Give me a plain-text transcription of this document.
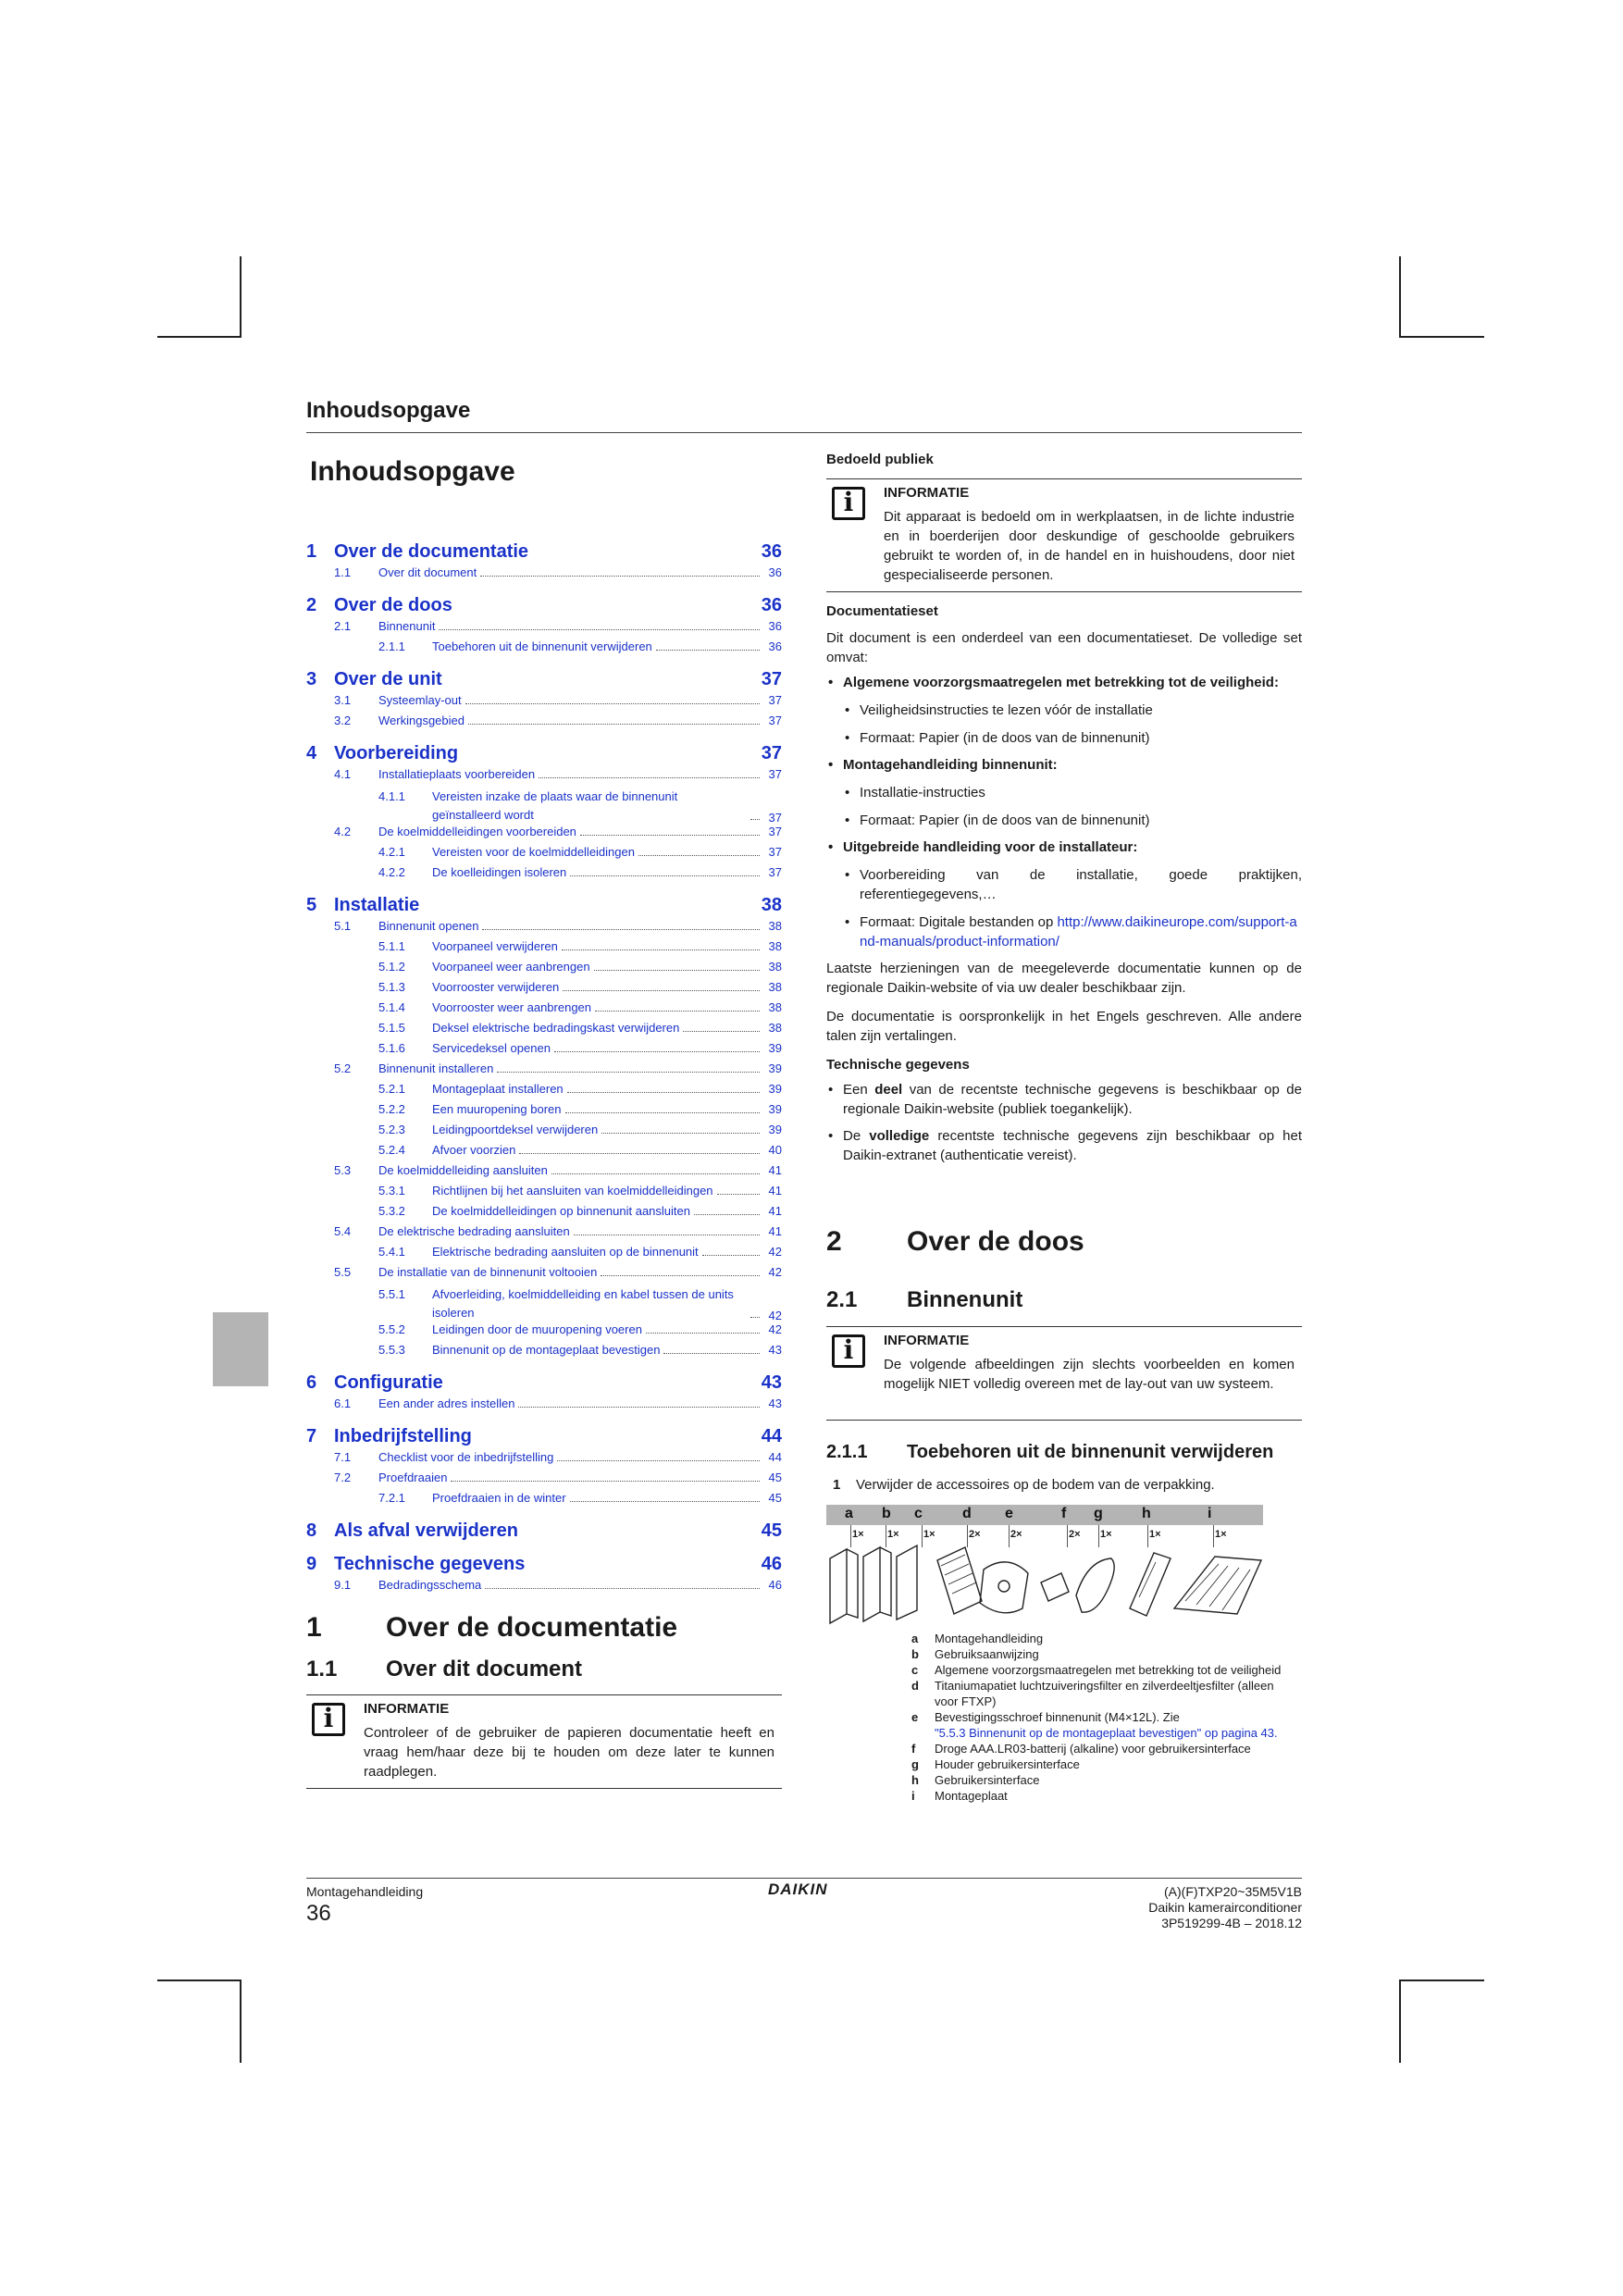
Inhoudsopgave
Inhoudsopgave
1 Over de documentatie	36
1.1	Over dit document	36
2 Over de doos	36
2.1	Binnenunit	36
2.1.1	Toebehoren uit de binnenunit verwijderen	36
3 Over de unit	37
3.1	Systeemlay-out	37
3.2	Werkingsgebied	37
4 Voorbereiding	37
4.1	Installatieplaats voorbereiden	37
4.1.1	Vereisten inzake de plaats waar de binnenunit geïnstalleerd wordt	37
4.2	De koelmiddelleidingen voorbereiden	37
4.2.1	Vereisten voor de koelmiddelleidingen	37
4.2.2	De koelleidingen isoleren	37
5 Installatie	38
5.1	Binnenunit openen	38
5.1.1	Voorpaneel verwijderen	38
5.1.2	Voorpaneel weer aanbrengen	38
5.1.3	Voorrooster verwijderen	38
5.1.4	Voorrooster weer aanbrengen	38
5.1.5	Deksel elektrische bedradingskast verwijderen	38
5.1.6	Servicedeksel openen	39
5.2	Binnenunit installeren	39
5.2.1	Montageplaat installeren	39
5.2.2	Een muuropening boren	39
5.2.3	Leidingpoortdeksel verwijderen	39
5.2.4	Afvoer voorzien	40
5.3	De koelmiddelleiding aansluiten	41
5.3.1	Richtlijnen bij het aansluiten van koelmiddelleidingen	41
5.3.2	De koelmiddelleidingen op binnenunit aansluiten	41
5.4	De elektrische bedrading aansluiten	41
5.4.1	Elektrische bedrading aansluiten op de binnenunit	42
5.5	De installatie van de binnenunit voltooien	42
5.5.1	Afvoerleiding, koelmiddelleiding en kabel tussen de units isoleren	42
5.5.2	Leidingen door de muuropening voeren	42
5.5.3	Binnenunit op de montageplaat bevestigen	43
6 Configuratie	43
6.1	Een ander adres instellen	43
7 Inbedrijfstelling	44
7.1	Checklist voor de inbedrijfstelling	44
7.2	Proefdraaien	45
7.2.1	Proefdraaien in de winter	45
8 Als afval verwijderen	45
9 Technische gegevens	46
9.1	Bedradingsschema	46
1 Over de documentatie
1.1 Over dit document
i	INFORMATIE
Controleer of de gebruiker de papieren documentatie heeft en vraag hem/haar deze bij te houden om deze later te kunnen raadplegen.
Bedoeld publiek
i	INFORMATIE
Dit apparaat is bedoeld om in werkplaatsen, in de lichte industrie en in boerderijen door deskundige of geschoolde gebruikers gebruikt te worden of, in de handel en in huishoudens, door niet gespecialiseerde personen.
Documentatieset
Dit document is een onderdeel van een documentatieset. De volledige set omvat:
• Algemene voorzorgsmaatregelen met betrekking tot de veiligheid:
• Veiligheidsinstructies te lezen vóór de installatie
• Formaat: Papier (in de doos van de binnenunit)
• Montagehandleiding binnenunit:
• Installatie-instructies
• Formaat: Papier (in de doos van de binnenunit)
• Uitgebreide handleiding voor de installateur:
• Voorbereiding van de installatie, goede praktijken, referentiegegevens,…
• Formaat: Digitale bestanden op http://www.daikineurope.com/support-and-manuals/product-information/
Laatste herzieningen van de meegeleverde documentatie kunnen op de regionale Daikin-website of via uw dealer beschikbaar zijn.
De documentatie is oorspronkelijk in het Engels geschreven. Alle andere talen zijn vertalingen.
Technische gegevens
• Een deel van de recentste technische gegevens is beschikbaar op de regionale Daikin-website (publiek toegankelijk).
• De volledige recentste technische gegevens zijn beschikbaar op het Daikin-extranet (authenticatie vereist).
2 Over de doos
2.1 Binnenunit
i	INFORMATIE
De volgende afbeeldingen zijn slechts voorbeelden en komen mogelijk NIET volledig overeen met de lay-out van uw systeem.
2.1.1 Toebehoren uit de binnenunit verwijderen
1 Verwijder de accessoires op de bodem van de verpakking.
a b c	d e	f g	h	i
1× 1× 1×	2×	2×	2× 1×	1×	1×
a	Montagehandleiding
b	Gebruiksaanwijzing
c	Algemene voorzorgsmaatregelen met betrekking tot de veiligheid
d	Titaniumapatiet luchtzuiveringsfilter en zilverdeeltjesfilter (alleen voor FTXP)
e	Bevestigingsschroef binnenunit (M4×12L). Zie
"5.5.3 Binnenunit op de montageplaat bevestigen" op pagina 43.
f	Droge AAA.LR03-batterij (alkaline) voor gebruikersinterface
g	Houder gebruikersinterface
h	Gebruikersinterface
i	Montageplaat
Montagehandleiding
36
DAIKIN	(A)(F)TXP20~35M5V1B
Daikin kamerairconditioner
3P519299-4B – 2018.12
